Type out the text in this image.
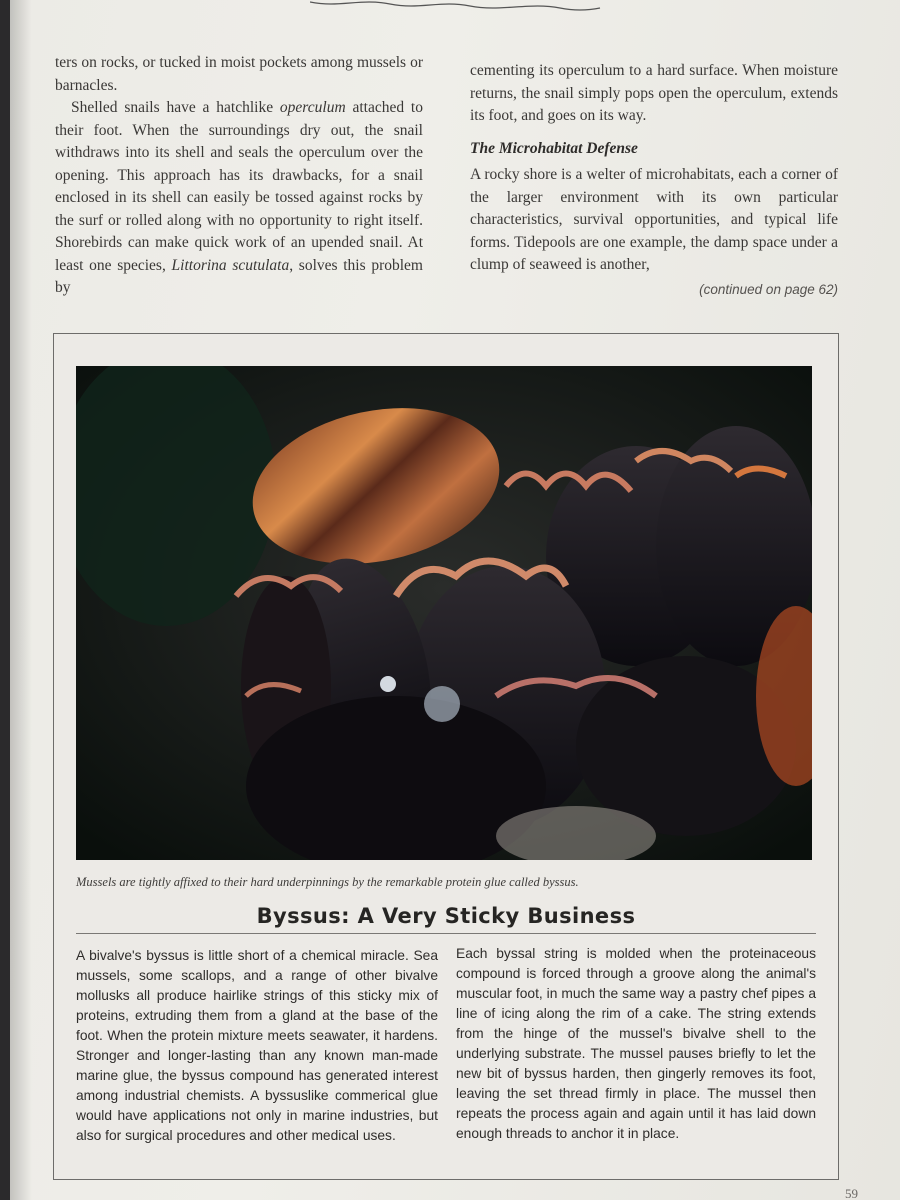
ters on rocks, or tucked in moist pockets among mussels or barnacles.

Shelled snails have a hatchlike operculum attached to their foot. When the surroundings dry out, the snail withdraws into its shell and seals the operculum over the opening. This approach has its drawbacks, for a snail enclosed in its shell can easily be tossed against rocks by the surf or rolled along with no opportunity to right itself. Shorebirds can make quick work of an upended snail. At least one species, Littorina scutulata, solves this problem by

cementing its operculum to a hard surface. When moisture returns, the snail simply pops open the operculum, extends its foot, and goes on its way.

The Microhabitat Defense

A rocky shore is a welter of microhabitats, each a corner of the larger environment with its own particular characteristics, survival opportunities, and typical life forms. Tidepools are one example, the damp space under a clump of seaweed is another,

(continued on page 62)

Mussels are tightly affixed to their hard underpinnings by the remarkable protein glue called byssus.
Byssus: A Very Sticky Business
A bivalve's byssus is little short of a chemical miracle. Sea mussels, some scallops, and a range of other bivalve mollusks all produce hairlike strings of this sticky mix of proteins, extruding them from a gland at the base of the foot. When the protein mixture meets seawater, it hardens. Stronger and longer-lasting than any known man-made marine glue, the byssus compound has generated interest among industrial chemists. A byssuslike commerical glue would have applications not only in marine industries, but also for surgical procedures and other medical uses.
Each byssal string is molded when the proteinaceous compound is forced through a groove along the animal's muscular foot, in much the same way a pastry chef pipes a line of icing along the rim of a cake. The string extends from the hinge of the mussel's bivalve shell to the underlying substrate. The mussel pauses briefly to let the new bit of byssus harden, then gingerly removes its foot, leaving the set thread firmly in place. The mussel then repeats the process again and again until it has laid down enough threads to anchor it in place.
59
